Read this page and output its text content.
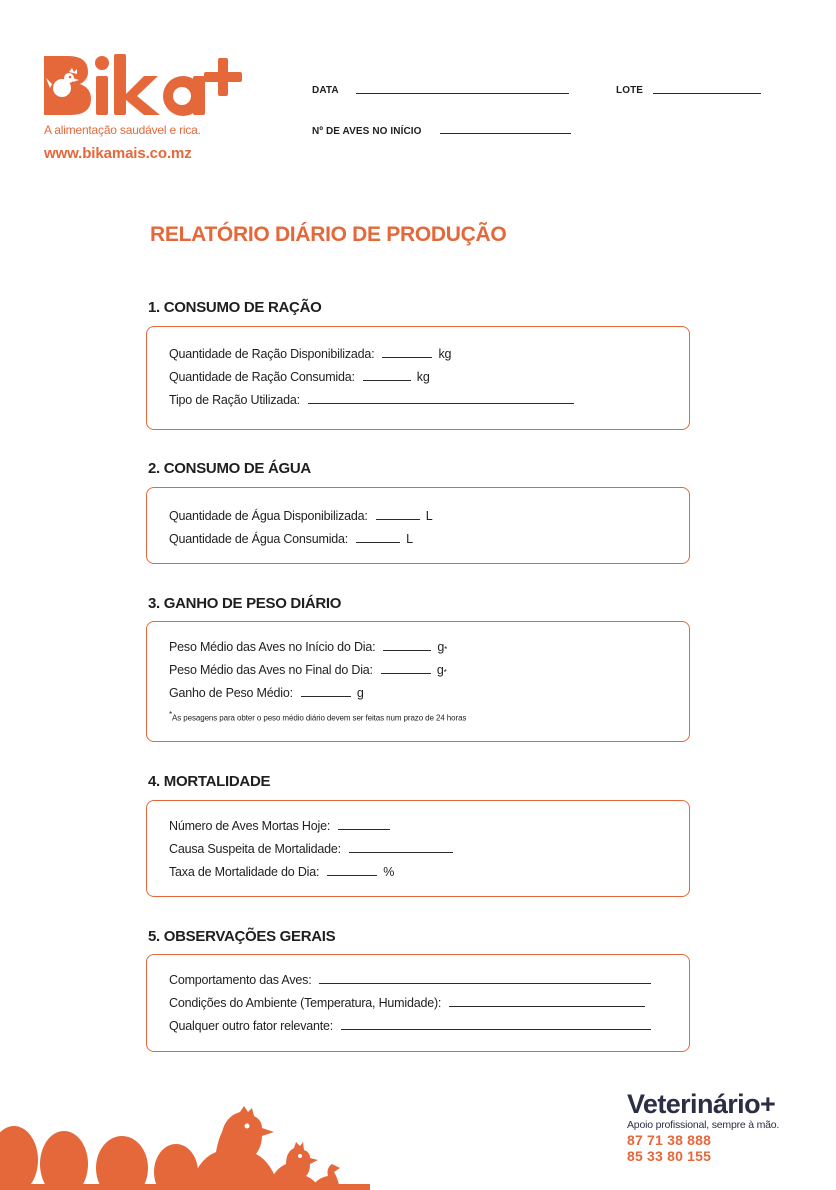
A alimentação saudável e rica.
www.bikamais.co.mz
DATA	LOTE
Nº DE AVES NO INÍCIO
RELATÓRIO DIÁRIO DE PRODUÇÃO
1. CONSUMO DE RAÇÃO
Quantidade de Ração Disponibilizada:	kg
Quantidade de Ração Consumida:	kg
Tipo de Ração Utilizada:
2. CONSUMO DE ÁGUA
Quantidade de Água Disponibilizada:	L
Quantidade de Água Consumida:	L
3. GANHO DE PESO DIÁRIO
Peso Médio das Aves no Início do Dia:	$g_*$
Peso Médio das Aves no Final do Dia:	$g_*$
Ganho de Peso Médio:	g
*As pesagens para obter o peso médio diário devem ser feitas num prazo de 24 horas
4. MORTALIDADE
Número de Aves Mortas Hoje:
Causa Suspeita de Mortalidade:
Taxa de Mortalidade do Dia:	%
5. OBSERVAÇÕES GERAIS
Comportamento das Aves:
Condições do Ambiente (Temperatura, Humidade):
Qualquer outro fator relevante:
Veterinário+
Apoio profissional, sempre à mão.
87 71 38 888
85 33 80 155
